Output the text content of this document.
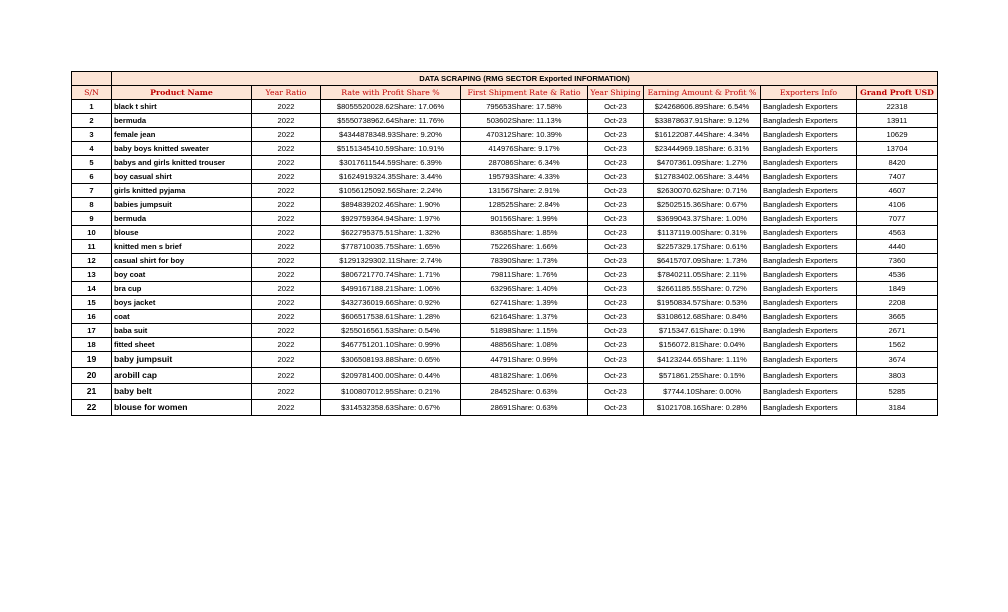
	DATA SCRAPING (RMG SECTOR Exported INFORMATION)							
S/N	Product Name	Year Ratio	Rate with Profit Share %	First Shipment Rate & Ratio	Year Shiping	Earning Amount & Profit %	Exporters Info	Grand Proft USD
1	black t shirt	2022	$8055520028.62Share: 17.06%	795653Share: 17.58%	Oct-23	$24268606.89Share: 6.54%	Bangladesh Exporters	22318
2	bermuda	2022	$5550738962.64Share: 11.76%	503602Share: 11.13%	Oct-23	$33878637.91Share: 9.12%	Bangladesh Exporters	13911
3	female jean	2022	$4344878348.93Share: 9.20%	470312Share: 10.39%	Oct-23	$16122087.44Share: 4.34%	Bangladesh Exporters	10629
4	baby boys knitted sweater	2022	$5151345410.59Share: 10.91%	414976Share: 9.17%	Oct-23	$23444969.18Share: 6.31%	Bangladesh Exporters	13704
5	babys and girls knitted trouser	2022	$3017611544.59Share: 6.39%	287086Share: 6.34%	Oct-23	$4707361.09Share: 1.27%	Bangladesh Exporters	8420
6	boy casual shirt	2022	$1624919324.35Share: 3.44%	195793Share: 4.33%	Oct-23	$12783402.06Share: 3.44%	Bangladesh Exporters	7407
7	girls knitted pyjama	2022	$1056125092.56Share: 2.24%	131567Share: 2.91%	Oct-23	$2630070.62Share: 0.71%	Bangladesh Exporters	4607
8	babies jumpsuit	2022	$894839202.46Share: 1.90%	128525Share: 2.84%	Oct-23	$2502515.36Share: 0.67%	Bangladesh Exporters	4106
9	bermuda	2022	$929759364.94Share: 1.97%	90156Share: 1.99%	Oct-23	$3699043.37Share: 1.00%	Bangladesh Exporters	7077
10	blouse	2022	$622795375.51Share: 1.32%	83685Share: 1.85%	Oct-23	$1137119.00Share: 0.31%	Bangladesh Exporters	4563
11	knitted men s brief	2022	$778710035.75Share: 1.65%	75226Share: 1.66%	Oct-23	$2257329.17Share: 0.61%	Bangladesh Exporters	4440
12	casual shirt for boy	2022	$1291329302.11Share: 2.74%	78390Share: 1.73%	Oct-23	$6415707.09Share: 1.73%	Bangladesh Exporters	7360
13	boy coat	2022	$806721770.74Share: 1.71%	79811Share: 1.76%	Oct-23	$7840211.05Share: 2.11%	Bangladesh Exporters	4536
14	bra cup	2022	$499167188.21Share: 1.06%	63296Share: 1.40%	Oct-23	$2661185.55Share: 0.72%	Bangladesh Exporters	1849
15	boys jacket	2022	$432736019.66Share: 0.92%	62741Share: 1.39%	Oct-23	$1950834.57Share: 0.53%	Bangladesh Exporters	2208
16	coat	2022	$606517538.61Share: 1.28%	62164Share: 1.37%	Oct-23	$3108612.68Share: 0.84%	Bangladesh Exporters	3665
17	baba suit	2022	$255016561.53Share: 0.54%	51898Share: 1.15%	Oct-23	$715347.61Share: 0.19%	Bangladesh Exporters	2671
18	fitted sheet	2022	$467751201.10Share: 0.99%	48856Share: 1.08%	Oct-23	$156072.81Share: 0.04%	Bangladesh Exporters	1562
19	baby jumpsuit	2022	$306508193.88Share: 0.65%	44791Share: 0.99%	Oct-23	$4123244.65Share: 1.11%	Bangladesh Exporters	3674
20	arobill cap	2022	$209781400.00Share: 0.44%	48182Share: 1.06%	Oct-23	$571861.25Share: 0.15%	Bangladesh Exporters	3803
21	baby belt	2022	$100807012.95Share: 0.21%	28452Share: 0.63%	Oct-23	$7744.10Share: 0.00%	Bangladesh Exporters	5285
22	blouse for women	2022	$314532358.63Share: 0.67%	28691Share: 0.63%	Oct-23	$1021708.16Share: 0.28%	Bangladesh Exporters	3184
